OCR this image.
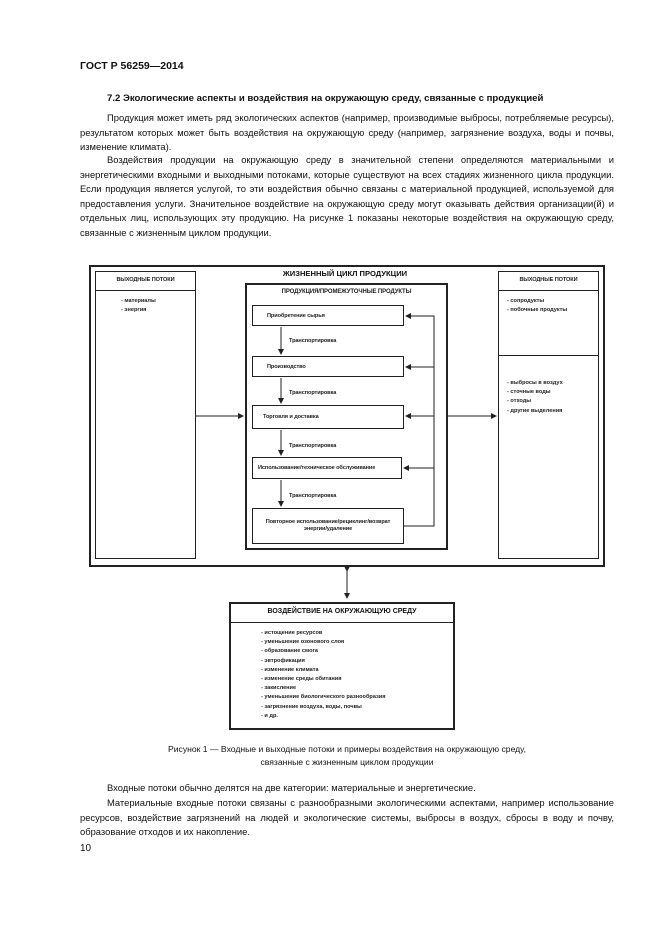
ГОСТ Р 56259—2014
7.2 Экологические аспекты и воздействия на окружающую среду, связанные с продукцией

Продукция может иметь ряд экологических аспектов (например, производимые выбросы, потребляемые ресурсы), результатом которых может быть воздействия на окружающую среду (например, загрязнение воздуха, воды и почвы, изменение климата).

Воздействия продукции на окружающую среду в значительной степени определяются материальными и энергетическими входными и выходными потоками, которые существуют на всех стадиях жизненного цикла продукции. Если продукция является услугой, то эти воздействия обычно связаны с материальной продукцией, используемой для предоставления услуги. Значительное воздействие на окружающую среду могут оказывать действия организации(й) и отдельных лиц, использующих эту продукцию. На рисунке 1 показаны некоторые воздействия на окружающую среду, связанные с жизненным циклом продукции.

ВЫХОДНЫЕ ПОТОКИ
- материалы
- энергия
ЖИЗНЕННЫЙ ЦИКЛ ПРОДУКЦИИ
ПРОДУКЦИЯ/ПРОМЕЖУТОЧНЫЕ ПРОДУКТЫ
Приобретение сырья
Производство
Торговля и доставка
Использование/техническое обслуживание
Повторное использование/рециклинг/возврат энергии/удаление
Транспортировка
Транспортировка
Транспортировка
Транспортировка
ВЫХОДНЫЕ ПОТОКИ
- сопродукты
- побочные продукты
- выбросы в воздух
- сточные воды
- отходы
- другие выделения
ВОЗДЕЙСТВИЕ НА ОКРУЖАЮЩУЮ СРЕДУ
- истощение ресурсов
- уменьшение озонового слоя
- образование смога
- эвтрофикация
- изменение климата
- изменение среды обитания
- закисление
- уменьшение биологического разнообразия
- загрязнение воздуха, воды, почвы
- и др.
Рисунок 1 — Входные и выходные потоки и примеры воздействия на окружающую среду,
связанные с жизненным циклом продукции

Входные потоки обычно делятся на две категории: материальные и энергетические.

Материальные входные потоки связаны с разнообразными экологическими аспектами, например использование ресурсов, воздействие загрязнений на людей и экологические системы, выбросы в воздух, сбросы в воду и почву, образование отходов и их накопление.

10
